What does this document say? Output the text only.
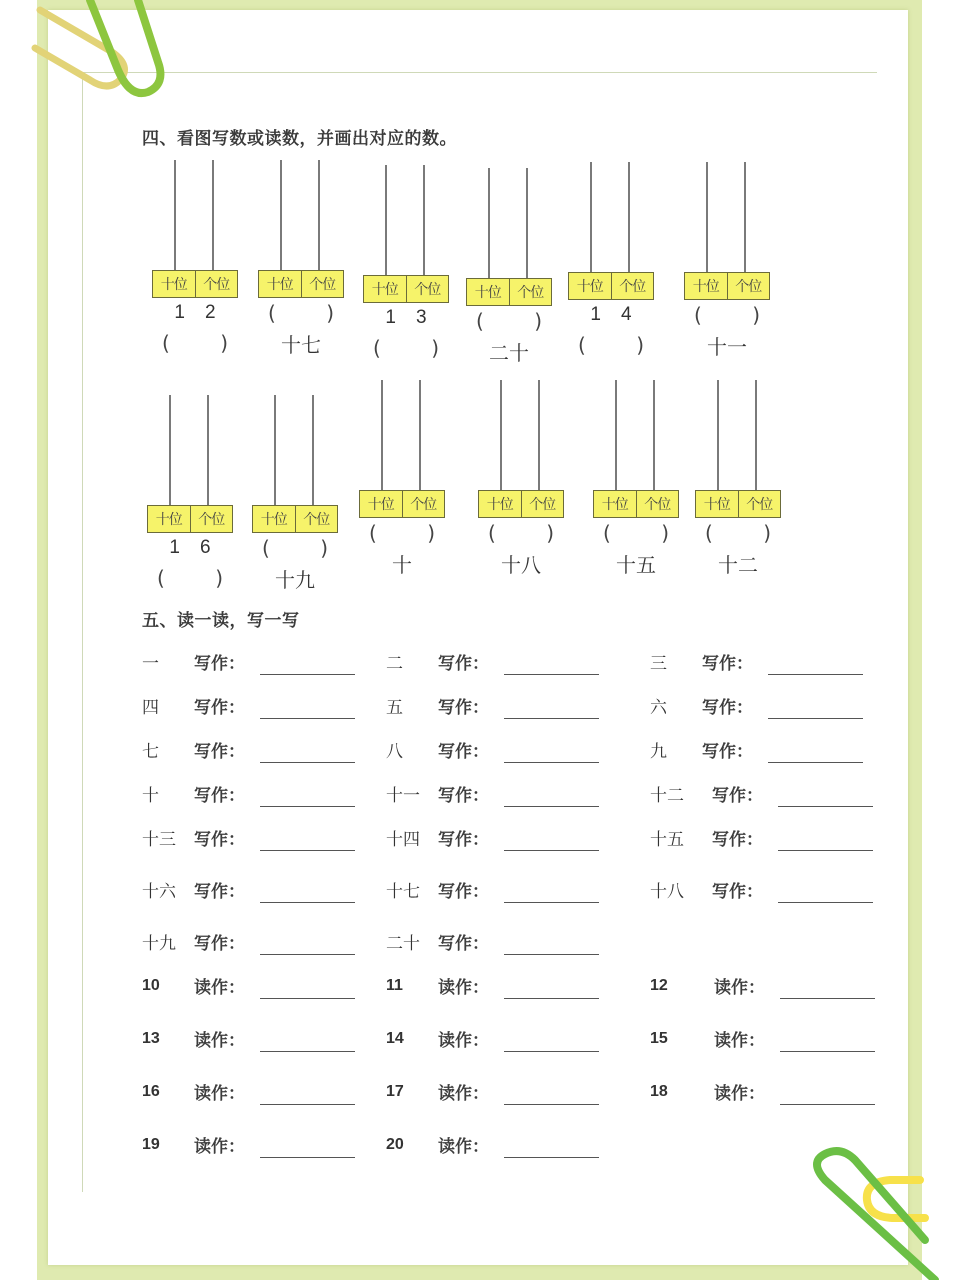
四、看图写数或读数，并画出对应的数。
十位	个位
1 2
(	)
十位	个位
(	)
十七
十位	个位
1 3
(	)
十位	个位
(	)
二十
十位	个位
1 4
(	)
十位	个位
(	)
十一
十位	个位
1 6
(	)
十位	个位
(	)
十九
十位	个位
(	)
十
十位	个位
(	)
十八
十位	个位
(	)
十五
十位	个位
(	)
十二
五、读一读，写一写
一	写作：	二	写作：	三	写作：
四	写作：	五	写作：	六	写作：
七	写作：	八	写作：	九	写作：
十	写作：	十一	写作：	十二	写作：
十三	写作：	十四	写作：	十五	写作：
十六	写作：	十七	写作：	十八	写作：
十九	写作：	二十	写作：
10	读作：	11	读作：	12	读作：
13	读作：	14	读作：	15	读作：
16	读作：	17	读作：	18	读作：
19	读作：	20	读作：
